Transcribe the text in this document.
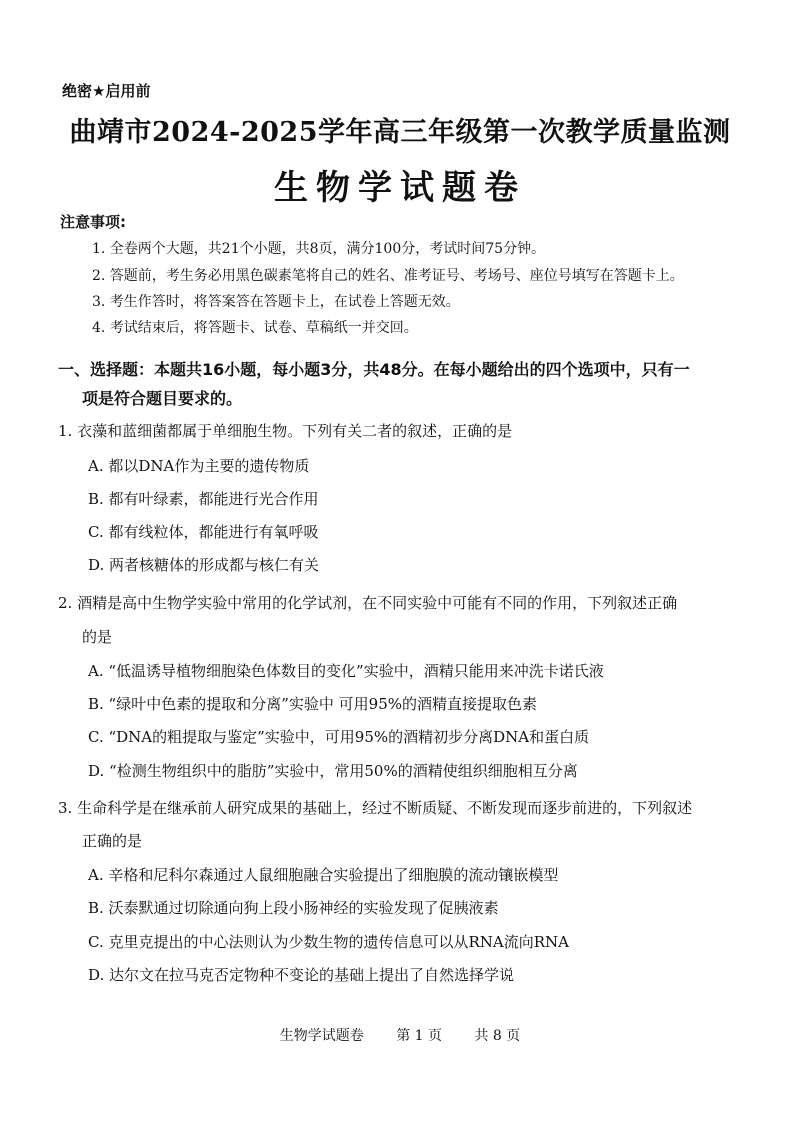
绝密★启用前
曲靖市2024-2025学年高三年级第一次教学质量监测
生物学试题卷
注意事项:
1. 全卷两个大题，共21个小题，共8页，满分100分，考试时间75分钟。
2. 答题前，考生务必用黑色碳素笔将自己的姓名、准考证号、考场号、座位号填写在答题卡上。
3. 考生作答时，将答案答在答题卡上，在试卷上答题无效。
4. 考试结束后，将答题卡、试卷、草稿纸一并交回。
一、选择题：本题共16小题，每小题3分，共48分。在每小题给出的四个选项中，只有一
项是符合题目要求的。
1. 衣藻和蓝细菌都属于单细胞生物。下列有关二者的叙述，正确的是
A. 都以DNA作为主要的遗传物质
B. 都有叶绿素，都能进行光合作用
C. 都有线粒体，都能进行有氧呼吸
D. 两者核糖体的形成都与核仁有关
2. 酒精是高中生物学实验中常用的化学试剂，在不同实验中可能有不同的作用，下列叙述正确
的是
A. “低温诱导植物细胞染色体数目的变化”实验中，酒精只能用来冲洗卡诺氏液
B. “绿叶中色素的提取和分离”实验中 可用95%的酒精直接提取色素
C. “DNA的粗提取与鉴定”实验中，可用95%的酒精初步分离DNA和蛋白质
D. “检测生物组织中的脂肪”实验中，常用50%的酒精使组织细胞相互分离
3. 生命科学是在继承前人研究成果的基础上，经过不断质疑、不断发现而逐步前进的，下列叙述
正确的是
A. 辛格和尼科尔森通过人鼠细胞融合实验提出了细胞膜的流动镶嵌模型
B. 沃泰默通过切除通向狗上段小肠神经的实验发现了促胰液素
C. 克里克提出的中心法则认为少数生物的遗传信息可以从RNA流向RNA
D. 达尔文在拉马克否定物种不变论的基础上提出了自然选择学说
生物学试题卷 第 1 页 共 8 页
